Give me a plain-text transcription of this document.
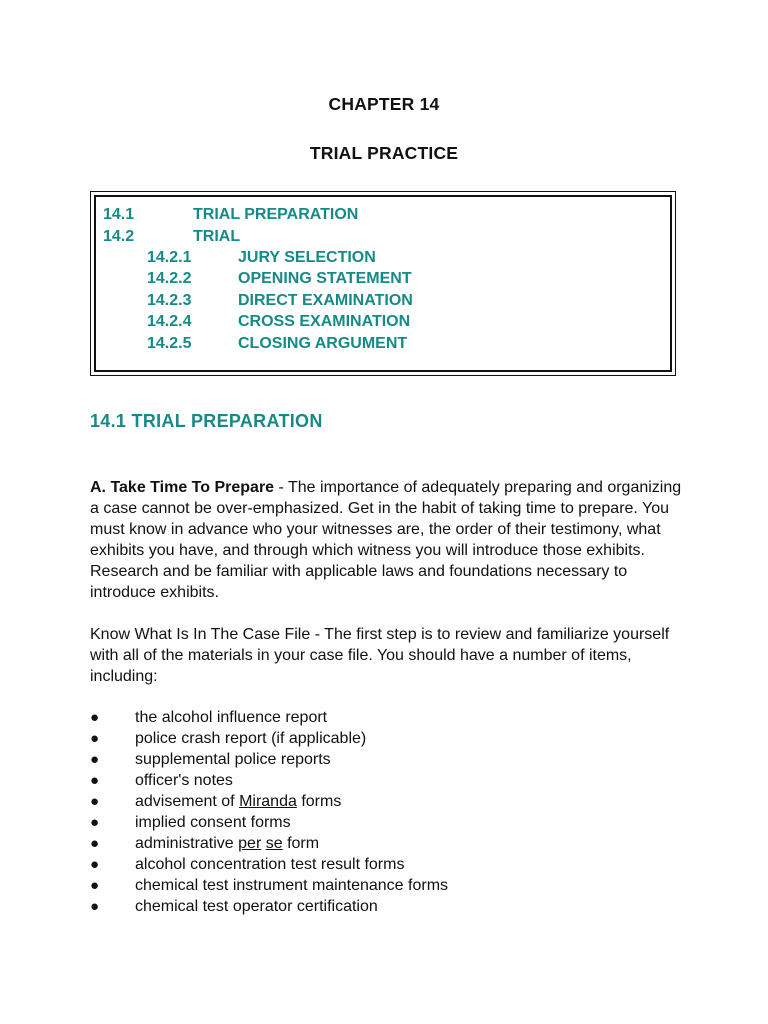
CHAPTER 14
TRIAL PRACTICE
14.1	TRIAL PREPARATION
14.2	TRIAL
14.2.1	JURY SELECTION
14.2.2	OPENING STATEMENT
14.2.3	DIRECT EXAMINATION
14.2.4	CROSS EXAMINATION
14.2.5	CLOSING ARGUMENT
14.1 TRIAL PREPARATION
A. Take Time To Prepare - The importance of adequately preparing and organizing a case cannot be over-emphasized. Get in the habit of taking time to prepare. You must know in advance who your witnesses are, the order of their testimony, what exhibits you have, and through which witness you will introduce those exhibits. Research and be familiar with applicable laws and foundations necessary to introduce exhibits.
Know What Is In The Case File - The first step is to review and familiarize yourself with all of the materials in your case file. You should have a number of items, including:
●	the alcohol influence report
●	police crash report (if applicable)
●	supplemental police reports
●	officer's notes
●	advisement of Miranda forms
●	implied consent forms
●	administrative per se form
●	alcohol concentration test result forms
●	chemical test instrument maintenance forms
●	chemical test operator certification
